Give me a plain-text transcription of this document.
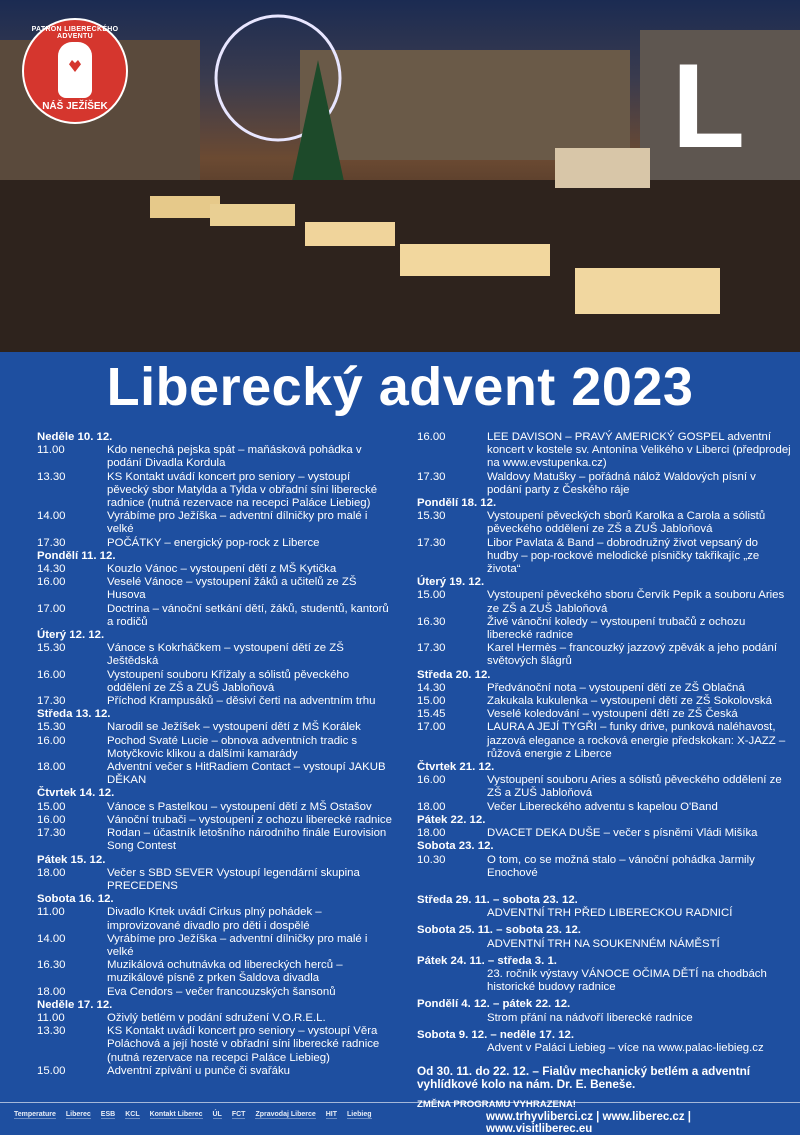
PATRON LIBERECKÉHO ADVENTU
NÁŠ JEŽÍŠEK	L
Liberecký advent 2023
Neděle 10. 12.
11.00	Kdo nenechá pejska spát – maňásková pohádka v podání Divadla Kordula
13.30	KS Kontakt uvádí koncert pro seniory – vystoupí pěvecký sbor Matylda a Tylda v obřadní síni liberecké radnice (nutná rezervace na recepci Paláce Liebieg)
14.00	Vyrábíme pro Ježíška – adventní dílničky pro malé i velké
17.30	POČÁTKY – energický pop-rock z Liberce
Pondělí 11. 12.
14.30	Kouzlo Vánoc – vystoupení dětí z MŠ Kytička
16.00	Veselé Vánoce – vystoupení žáků a učitelů ze ZŠ Husova
17.00	Doctrina – vánoční setkání dětí, žáků, studentů, kantorů a rodičů
Úterý 12. 12.
15.30	Vánoce s Kokrháčkem – vystoupení dětí ze ZŠ Ještědská
16.00	Vystoupení souboru Křížaly a sólistů pěveckého oddělení ze ZŠ a ZUŠ Jabloňová
17.30	Příchod Krampusáků – děsiví čerti na adventním trhu
Středa 13. 12.
15.30	Narodil se Ježíšek – vystoupení dětí z MŠ Korálek
16.00	Pochod Svaté Lucie – obnova adventních tradic s Motyčkovic klikou a dalšími kamarády
18.00	Adventní večer s HitRadiem Contact – vystoupí JAKUB DĚKAN
Čtvrtek 14. 12.
15.00	Vánoce s Pastelkou – vystoupení dětí z MŠ Ostašov
16.00	Vánoční trubači – vystoupení z ochozu liberecké radnice
17.30	Rodan – účastník letošního národního finále Eurovision Song Contest
Pátek 15. 12.
18.00	Večer s SBD SEVER Vystoupí legendární skupina PRECEDENS
Sobota 16. 12.
11.00	Divadlo Krtek uvádí Cirkus plný pohádek – improvizované divadlo pro děti i dospělé
14.00	Vyrábíme pro Ježíška – adventní dílničky pro malé i velké
16.30	Muzikálová ochutnávka od libereckých herců – muzikálové písně z prken Šaldova divadla
18.00	Eva Cendors – večer francouzských šansonů
Neděle 17. 12.
11.00	Oživlý betlém v podání sdružení V.O.R.E.L.
13.30	KS Kontakt uvádí koncert pro seniory – vystoupí Věra Poláchová a její hosté v obřadní síni liberecké radnice (nutná rezervace na recepci Paláce Liebieg)
15.00	Adventní zpívání u punče či svařáku
16.00	LEE DAVISON – PRAVÝ AMERICKÝ GOSPEL adventní koncert v kostele sv. Antonína Velikého v Liberci (předprodej na www.evstupenka.cz)
17.30	Waldovy Matušky – pořádná nálož Waldových písní v podání party z Českého ráje
Pondělí 18. 12.
15.30	Vystoupení pěveckých sborů Karolka a Carola a sólistů pěveckého oddělení ze ZŠ a ZUŠ Jabloňová
17.30	Libor Pavlata & Band – dobrodružný život vepsaný do hudby – pop-rockové melodické písničky takřikajíc „ze života“
Úterý 19. 12.
15.00	Vystoupení pěveckého sboru Červík Pepík a souboru Aries ze ZŠ a ZUŠ Jabloňová
16.30	Živé vánoční koledy – vystoupení trubačů z ochozu liberecké radnice
17.30	Karel Hermès – francouzký jazzový zpěvák a jeho podání světových šlágrů
Středa 20. 12.
14.30	Předvánoční nota – vystoupení dětí ze ZŠ Oblačná
15.00	Zakukala kukulenka – vystoupení dětí ze ZŠ Sokolovská
15.45	Veselé koledování – vystoupení dětí ze ZŠ Česká
17.00	LAURA A JEJÍ TYGŘI – funky drive, punková naléhavost, jazzová elegance a rocková energie předskokan: X-JAZZ – růžová energie z Liberce
Čtvrtek 21. 12.
16.00	Vystoupení souboru Aries a sólistů pěveckého oddělení ze ZŠ a ZUŠ Jabloňová
18.00	Večer Libereckého adventu s kapelou O'Band
Pátek 22. 12.
18.00	DVACET DEKA DUŠE – večer s písněmi Vládi Mišíka
Sobota 23. 12.
10.30	O tom, co se možná stalo – vánoční pohádka Jarmily Enochové
Středa 29. 11. – sobota 23. 12.
ADVENTNÍ TRH PŘED LIBERECKOU RADNICÍ
Sobota 25. 11. – sobota 23. 12.
ADVENTNÍ TRH NA SOUKENNÉM NÁMĚSTÍ
Pátek 24. 11. – středa 3. 1.
23. ročník výstavy VÁNOCE OČIMA DĚTÍ na chodbách historické budovy radnice
Pondělí 4. 12. – pátek 22. 12.
Strom přání na nádvoří liberecké radnice
Sobota 9. 12. – neděle 17. 12.
Advent v Paláci Liebieg – více na www.palac-liebieg.cz
Od 30. 11. do 22. 12. – Fialův mechanický betlém a adventní vyhlídkové kolo na nám. Dr. E. Beneše.
ZMĚNA PROGRAMU VYHRAZENA!
Temperature Liberec ESB KCL Kontakt Liberec ÚL FCT Zpravodaj Liberce HIT Liebieg	www.trhyvliberci.cz | www.liberec.cz | www.visitliberec.eu
